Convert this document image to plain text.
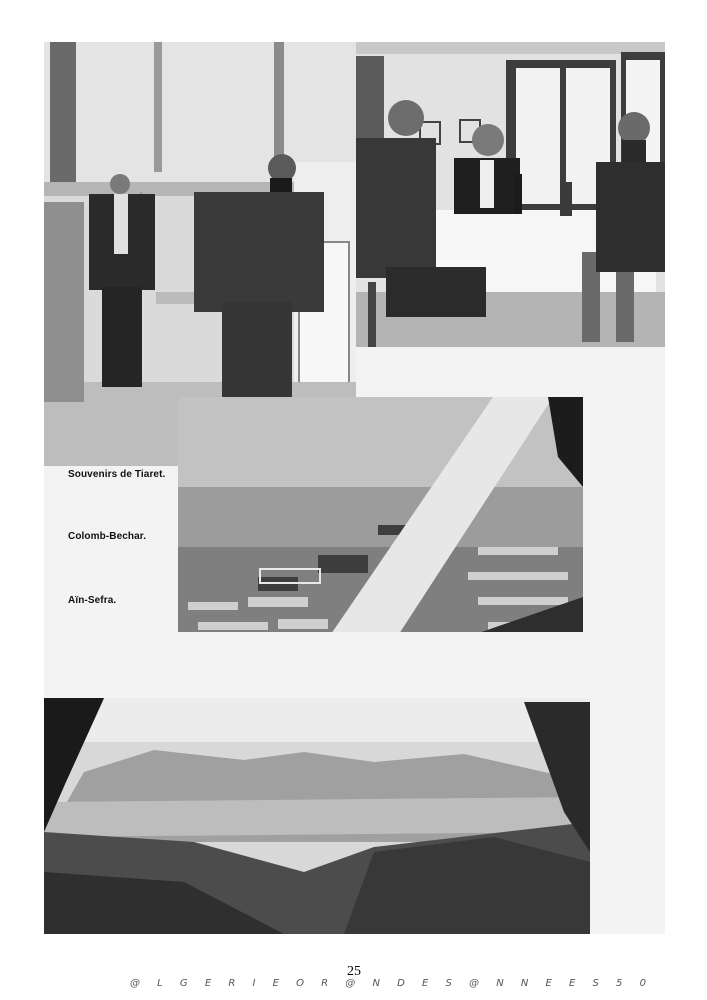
Souvenirs de Tiaret.
Colomb-Bechar.
Aïn-Sefra.
25
@ L G E R I E O R @ N D E S @ N N E E S 5 0
